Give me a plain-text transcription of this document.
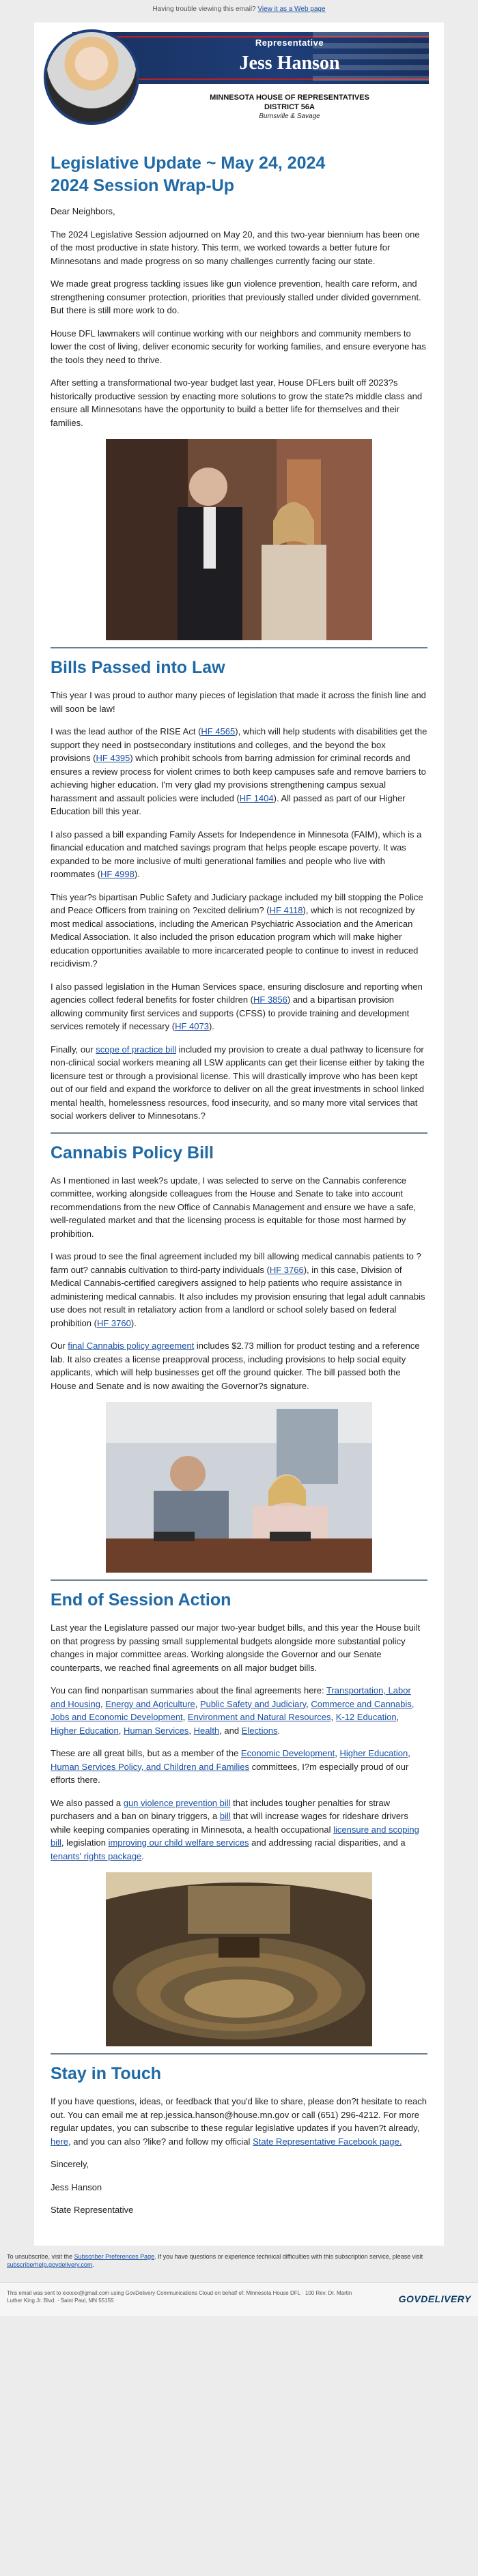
Having trouble viewing this email? View it as a Web page
Representative
Jess Hanson
MINNESOTA HOUSE OF REPRESENTATIVES
DISTRICT 56A
Burnsville & Savage
Legislative Update ~ May 24, 2024
2024 Session Wrap-Up

Dear Neighbors,

The 2024 Legislative Session adjourned on May 20, and this two-year biennium has been one of the most productive in state history. This term, we worked towards a better future for Minnesotans and made progress on so many challenges currently facing our state.

We made great progress tackling issues like gun violence prevention, health care reform, and strengthening consumer protection, priorities that previously stalled under divided government. But there is still more work to do.

House DFL lawmakers will continue working with our neighbors and community members to lower the cost of living, deliver economic security for working families, and ensure everyone has the tools they need to thrive.

After setting a transformational two-year budget last year, House DFLers built off 2023?s historically productive session by enacting more solutions to grow the state?s middle class and ensure all Minnesotans have the opportunity to build a better life for themselves and their families.

Bills Passed into Law

This year I was proud to author many pieces of legislation that made it across the finish line and will soon be law!

I was the lead author of the RISE Act (HF 4565), which will help students with disabilities get the support they need in postsecondary institutions and colleges, and the beyond the box provisions (HF 4395) which prohibit schools from barring admission for criminal records and ensures a review process for violent crimes to both keep campuses safe and remove barriers to achieving higher education. I'm very glad my provisions strengthening campus sexual harassment and assault policies were included (HF 1404). All passed as part of our Higher Education bill this year.

I also passed a bill expanding Family Assets for Independence in Minnesota (FAIM), which is a financial education and matched savings program that helps people escape poverty. It was expanded to be more inclusive of multi generational families and people who live with roommates (HF 4998).

This year?s bipartisan Public Safety and Judiciary package included my bill stopping the Police and Peace Officers from training on ?excited delirium? (HF 4118), which is not recognized by most medical associations, including the American Psychiatric Association and the American Medical Association. It also included the prison education program which will make higher education opportunities available to more incarcerated people to continue to invest in reduced recidivism.?

I also passed legislation in the Human Services space, ensuring disclosure and reporting when agencies collect federal benefits for foster children (HF 3856) and a bipartisan provision allowing community first services and supports (CFSS) to provide training and development services remotely if necessary (HF 4073).

Finally, our scope of practice bill included my provision to create a dual pathway to licensure for non-clinical social workers meaning all LSW applicants can get their license either by taking the licensure test or through a provisional license. This will drastically improve who has been kept out of our field and expand the workforce to deliver on all the great investments in school linked mental health, homelessness resources, food insecurity, and so many more vital services that social workers deliver to Minnesotans.?

Cannabis Policy Bill

As I mentioned in last week?s update, I was selected to serve on the Cannabis conference committee, working alongside colleagues from the House and Senate to take into account recommendations from the new Office of Cannabis Management and ensure we have a safe, well-regulated market and that the licensing process is equitable for those most harmed by prohibition.

I was proud to see the final agreement included my bill allowing medical cannabis patients to ?farm out? cannabis cultivation to third-party individuals (HF 3766), in this case, Division of Medical Cannabis-certified caregivers assigned to help patients who require assistance in administering medical cannabis. It also includes my provision ensuring that legal adult cannabis use does not result in retaliatory action from a landlord or school solely based on federal prohibition (HF 3760).

Our final Cannabis policy agreement includes $2.73 million for product testing and a reference lab. It also creates a license preapproval process, including provisions to help social equity applicants, which will help businesses get off the ground quicker. The bill passed both the House and Senate and is now awaiting the Governor?s signature.

End of Session Action

Last year the Legislature passed our major two-year budget bills, and this year the House built on that progress by passing small supplemental budgets alongside more substantial policy changes in major committee areas. Working alongside the Governor and our Senate counterparts, we reached final agreements on all major budget bills.

You can find nonpartisan summaries about the final agreements here: Transportation, Labor and Housing, Energy and Agriculture, Public Safety and Judiciary, Commerce and Cannabis, Jobs and Economic Development, Environment and Natural Resources, K-12 Education, Higher Education, Human Services, Health, and Elections.

These are all great bills, but as a member of the Economic Development, Higher Education, Human Services Policy, and Children and Families committees, I?m especially proud of our efforts there.

We also passed a gun violence prevention bill that includes tougher penalties for straw purchasers and a ban on binary triggers, a bill that will increase wages for rideshare drivers while keeping companies operating in Minnesota, a health occupational licensure and scoping bill, legislation improving our child welfare services and addressing racial disparities, and a tenants' rights package.

Stay in Touch

If you have questions, ideas, or feedback that you'd like to share, please don?t hesitate to reach out. You can email me at rep.jessica.hanson@house.mn.gov or call (651) 296-4212. For more regular updates, you can subscribe to these regular legislative updates if you haven?t already, here, and you can also ?like? and follow my official State Representative Facebook page.

Sincerely,

Jess Hanson

State Representative

To unsubscribe, visit the Subscriber Preferences Page. If you have questions or experience technical difficulties with this subscription service, please visit subscriberhelp.govdelivery.com.
This email was sent to xxxxxx@gmail.com using GovDelivery Communications Cloud on behalf of: Minnesota House DFL · 100 Rev. Dr. Martin Luther King Jr. Blvd. · Saint Paul, MN 55155	GOVDELIVERY
